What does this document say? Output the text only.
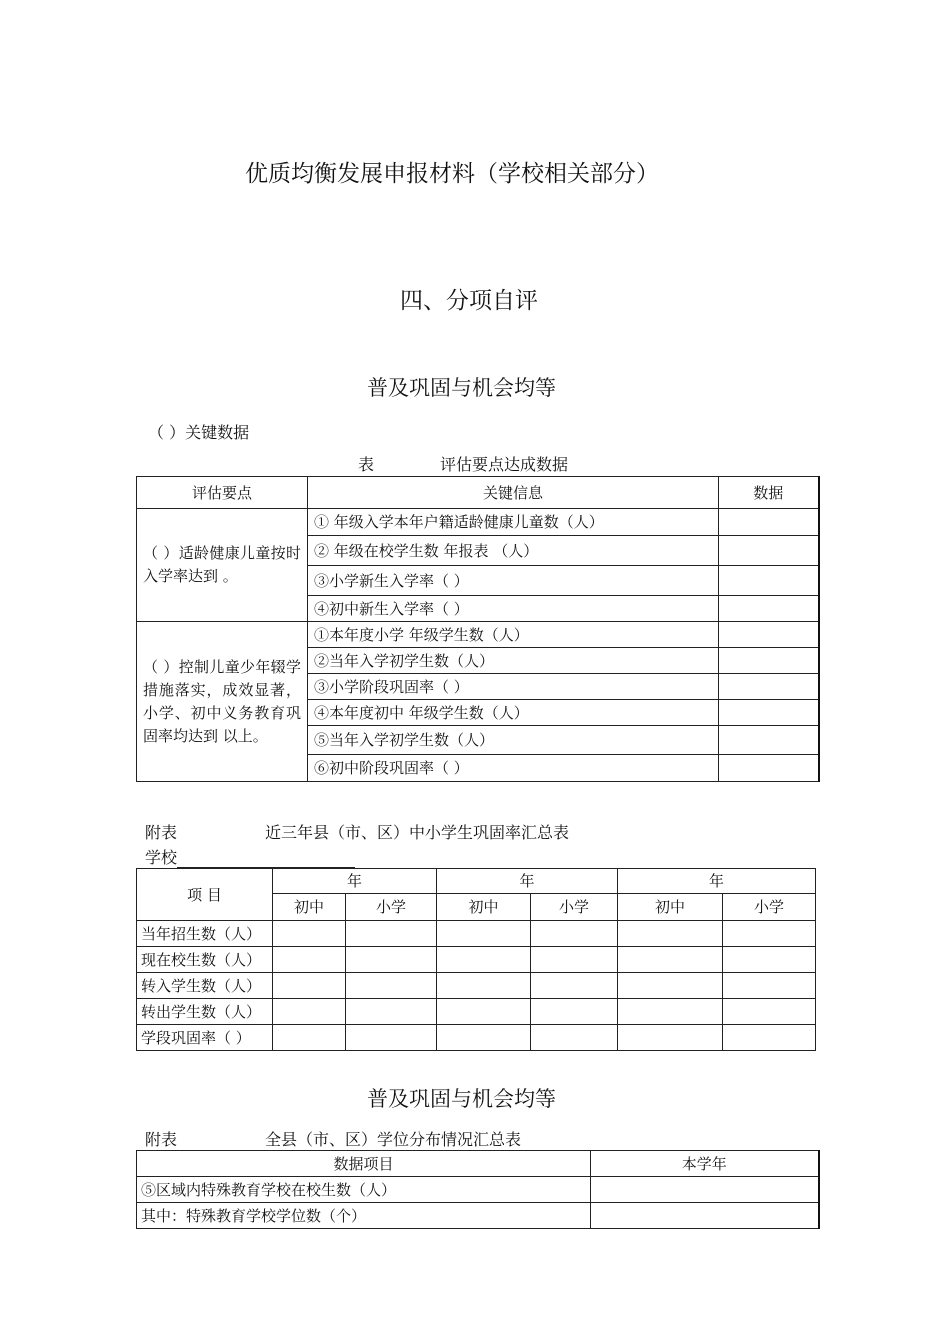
优质均衡发展申报材料（学校相关部分）
四、分项自评
普及巩固与机会均等
（ ）关键数据
表	评估要点达成数据
评估要点	关键信息	数据
（ ）适龄健康儿童按时入学率达到 。	① 年级入学本年户籍适龄健康儿童数（人）	
	② 年级在校学生数 年报表 （人）	
	③小学新生入学率（ ）	
	④初中新生入学率（ ）	
（ ）控制儿童少年辍学措施落实，成效显著，小学、初中义务教育巩固率均达到 以上。	①本年度小学 年级学生数（人）	
	②当年入学初学生数（人）	
	③小学阶段巩固率（ ）	
	④本年度初中 年级学生数（人）	
	⑤当年入学初学生数（人）	
	⑥初中阶段巩固率（ ）	
附表	近三年县（市、区）中小学生巩固率汇总表
学校
项 目	年		年		年	
	初中	小学	初中	小学	初中	小学
当年招生数（人）						
现在校生数（人）						
转入学生数（人）						
转出学生数（人）						
学段巩固率（ ）						
普及巩固与机会均等
附表	全县（市、区）学位分布情况汇总表
数据项目	本学年
⑤区域内特殊教育学校在校生数（人）	
其中：特殊教育学校学位数（个）	
